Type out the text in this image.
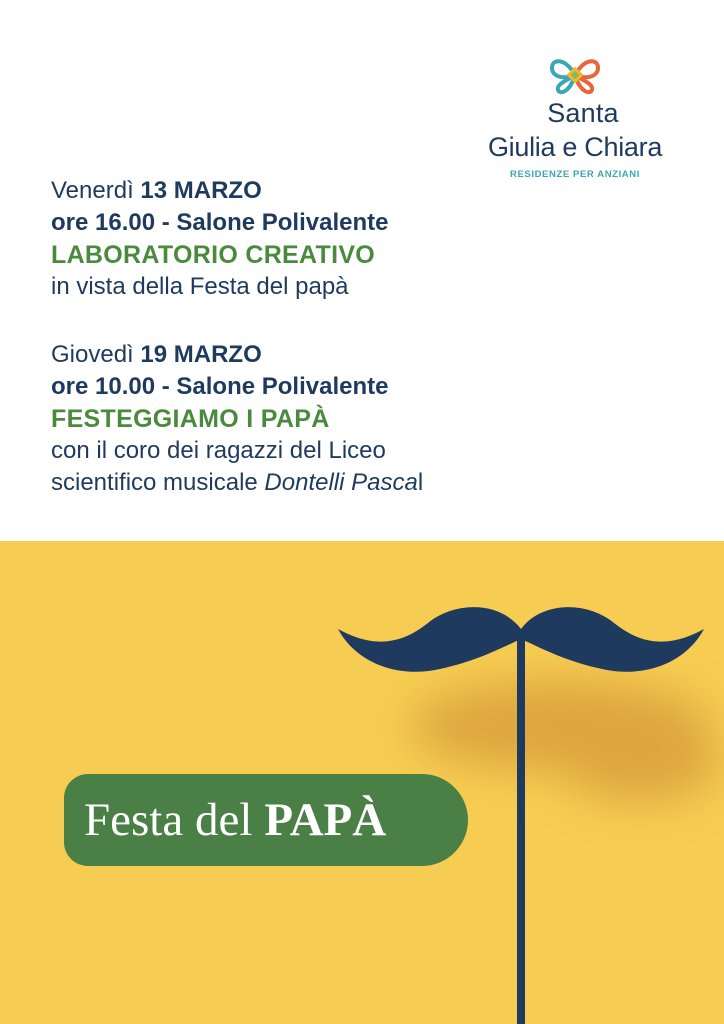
Santa
Giulia e Chiara
RESIDENZE PER ANZIANI
Venerdì 13 MARZO
ore 16.00 - Salone Polivalente
LABORATORIO CREATIVO
in vista della Festa del papà
Giovedì 19 MARZO
ore 10.00 - Salone Polivalente
FESTEGGIAMO I PAPÀ
con il coro dei ragazzi del Liceo
scientifico musicale Dontelli Pascal
Festa del PAPÀ
